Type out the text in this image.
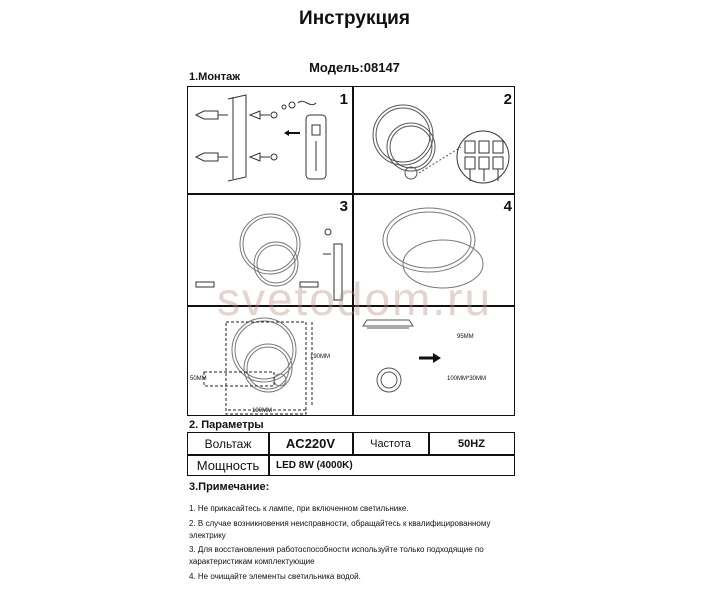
Инструкция
Модель:08147
1.Монтаж
1	2
3	4
190MM
190MM
50MM
95MM
100MM*30MM
svetodom.ru
2. Параметры
Вольтаж	AC220V	Частота	50HZ
Мощность	LED 8W (4000K)
3.Примечание:
1. Не прикасайтесь к лампе, при включенном светильнике.
2. В случае возникновения неисправности, обращайтесь к квалифицированному
электрику
3. Для восстановления работоспособности используйте только подходящие по
характеристикам комплектующие
4. Не очищайте элементы светильника водой.
